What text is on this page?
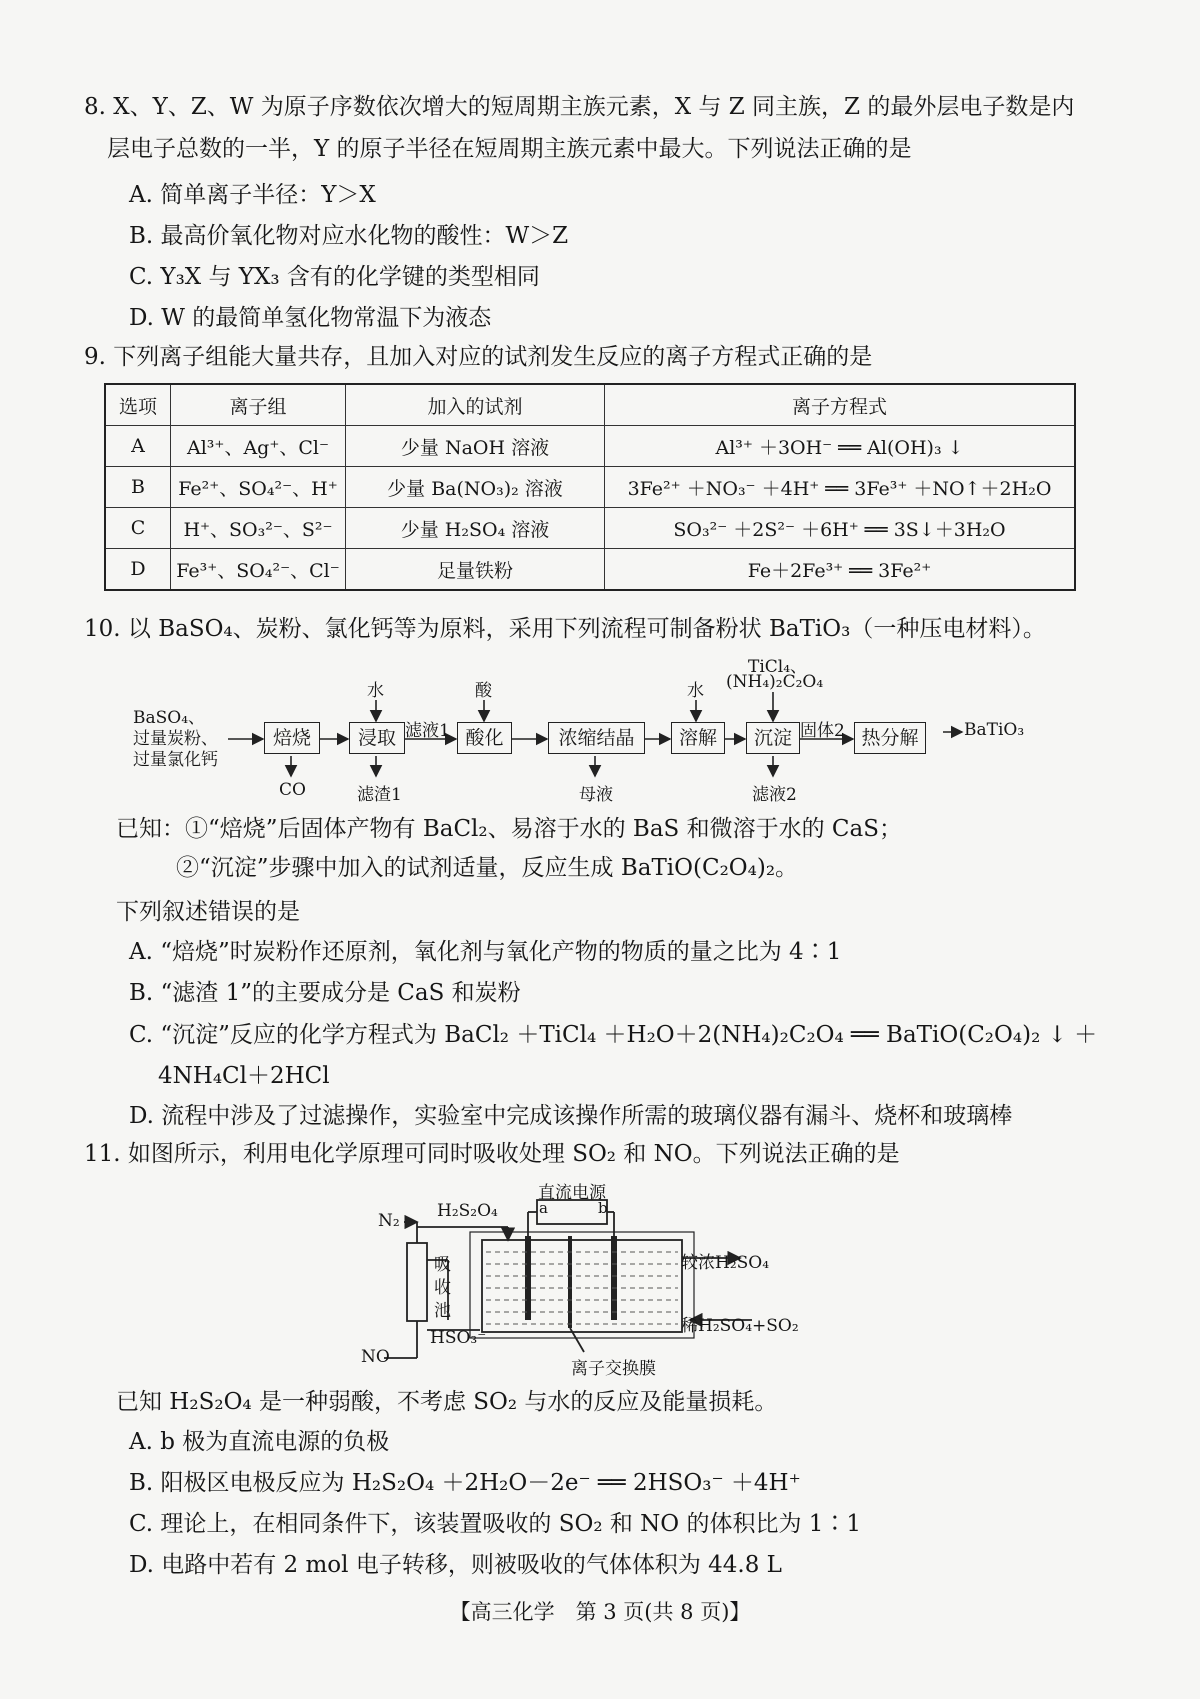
8. X、Y、Z、W 为原子序数依次增大的短周期主族元素，X 与 Z 同主族，Z 的最外层电子数是内
层电子总数的一半，Y 的原子半径在短周期主族元素中最大。下列说法正确的是
A. 简单离子半径：Y＞X
B. 最高价氧化物对应水化物的酸性：W＞Z
C. Y₃X 与 YX₃ 含有的化学键的类型相同
D. W 的最简单氢化物常温下为液态
9. 下列离子组能大量共存，且加入对应的试剂发生反应的离子方程式正确的是
选项	离子组	加入的试剂	离子方程式
A	Al³⁺、Ag⁺、Cl⁻	少量 NaOH 溶液	Al³⁺ ＋3OH⁻ ══ Al(OH)₃ ↓
B	Fe²⁺、SO₄²⁻、H⁺	少量 Ba(NO₃)₂ 溶液	3Fe²⁺ ＋NO₃⁻ ＋4H⁺ ══ 3Fe³⁺ ＋NO↑＋2H₂O
C	H⁺、SO₃²⁻、S²⁻	少量 H₂SO₄ 溶液	SO₃²⁻ ＋2S²⁻ ＋6H⁺ ══ 3S↓＋3H₂O
D	Fe³⁺、SO₄²⁻、Cl⁻	足量铁粉	Fe＋2Fe³⁺ ══ 3Fe²⁺
10. 以 BaSO₄、炭粉、氯化钙等为原料，采用下列流程可制备粉状 BaTiO₃（一种压电材料）。
BaSO₄、
过量炭粉、
过量氯化钙
焙烧	浸取	酸化	浓缩结晶	溶解	沉淀	热分解
水	酸	水
TiCl₄、
(NH₄)₂C₂O₄
滤液1	固体2	BaTiO₃
CO	滤渣1	母液	滤液2
已知：①“焙烧”后固体产物有 BaCl₂、易溶于水的 BaS 和微溶于水的 CaS；
②“沉淀”步骤中加入的试剂适量，反应生成 BaTiO(C₂O₄)₂。
下列叙述错误的是
A. “焙烧”时炭粉作还原剂，氧化剂与氧化产物的物质的量之比为 4∶1
B. “滤渣 1”的主要成分是 CaS 和炭粉
C. “沉淀”反应的化学方程式为 BaCl₂ ＋TiCl₄ ＋H₂O＋2(NH₄)₂C₂O₄ ══ BaTiO(C₂O₄)₂ ↓ ＋
4NH₄Cl＋2HCl
D. 流程中涉及了过滤操作，实验室中完成该操作所需的玻璃仪器有漏斗、烧杯和玻璃棒
11. 如图所示，利用电化学原理可同时吸收处理 SO₂ 和 NO。下列说法正确的是
直流电源
a	b
N₂ H₂S₂O₄
吸
收
池
HSO₃⁻
NO
较浓H₂SO₄
稀H₂SO₄+SO₂
离子交换膜
已知 H₂S₂O₄ 是一种弱酸，不考虑 SO₂ 与水的反应及能量损耗。
A. b 极为直流电源的负极
B. 阳极区电极反应为 H₂S₂O₄ ＋2H₂O－2e⁻ ══ 2HSO₃⁻ ＋4H⁺
C. 理论上，在相同条件下，该装置吸收的 SO₂ 和 NO 的体积比为 1∶1
D. 电路中若有 2 mol 电子转移，则被吸收的气体体积为 44.8 L
【高三化学　第 3 页(共 8 页)】
